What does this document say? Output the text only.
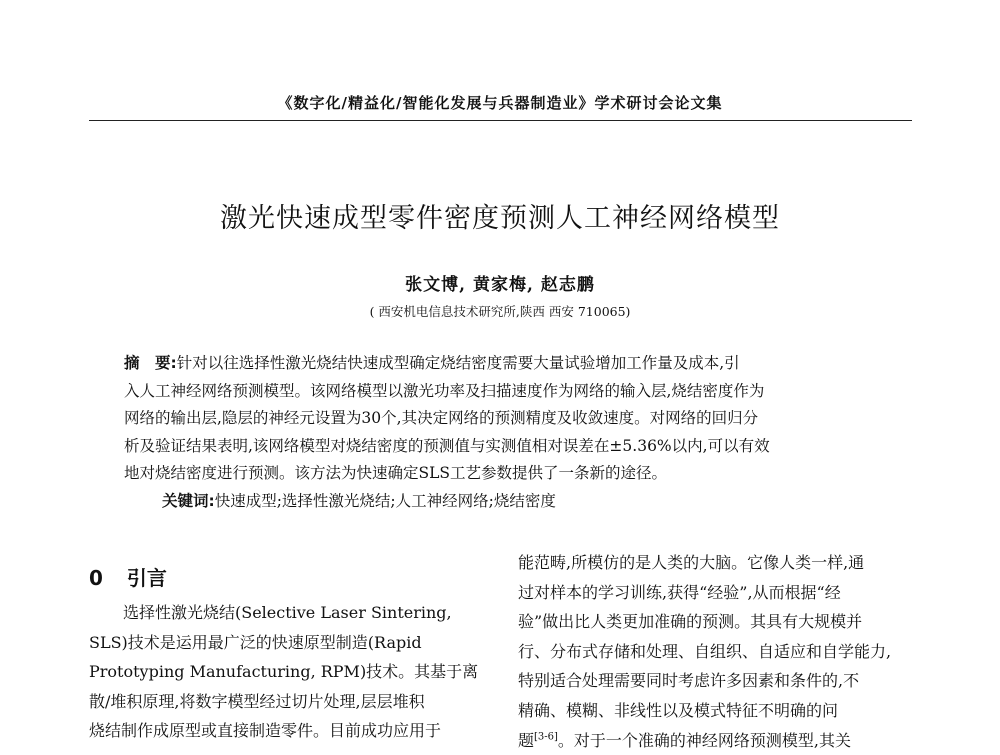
《数字化/精益化/智能化发展与兵器制造业》学术研讨会论文集
激光快速成型零件密度预测人工神经网络模型
张文博, 黄家梅, 赵志鹏
( 西安机电信息技术研究所,陕西 西安 710065)
摘　要:针对以往选择性激光烧结快速成型确定烧结密度需要大量试验增加工作量及成本,引
入人工神经网络预测模型。该网络模型以激光功率及扫描速度作为网络的输入层,烧结密度作为
网络的输出层,隐层的神经元设置为30个,其决定网络的预测精度及收敛速度。对网络的回归分
析及验证结果表明,该网络模型对烧结密度的预测值与实测值相对误差在±5.36%以内,可以有效
地对烧结密度进行预测。该方法为快速确定SLS工艺参数提供了一条新的途径。
关键词:快速成型;选择性激光烧结;人工神经网络;烧结密度
0 引言
选择性激光烧结(Selective Laser Sintering,
SLS)技术是运用最广泛的快速原型制造(Rapid
Prototyping Manufacturing, RPM)技术。其基于离
散/堆积原理,将数字模型经过切片处理,层层堆积
烧结制作成原型或直接制造零件。目前成功应用于
能范畴,所模仿的是人类的大脑。它像人类一样,通
过对样本的学习训练,获得“经验”,从而根据“经
验”做出比人类更加准确的预测。其具有大规模并
行、分布式存储和处理、自组织、自适应和自学能力,
特别适合处理需要同时考虑许多因素和条件的,不
精确、模糊、非线性以及模式特征不明确的问
题[3-6]。对于一个准确的神经网络预测模型,其关
